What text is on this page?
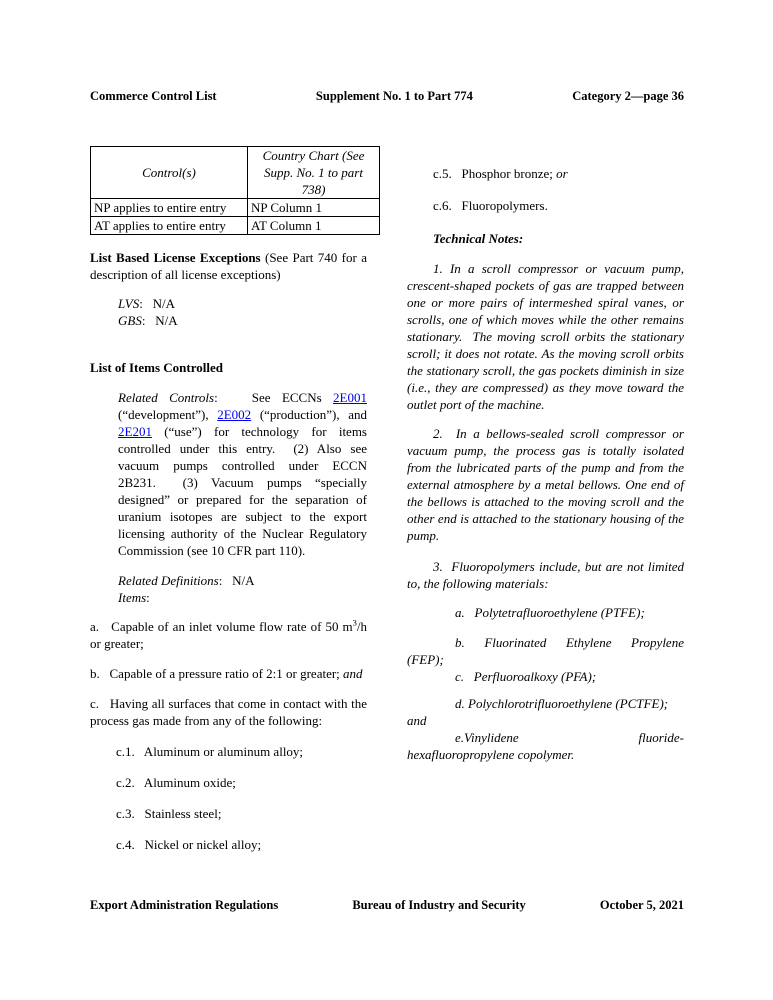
Commerce Control List	Supplement No. 1 to Part 774	Category 2—page 36
Control(s)	Country Chart (See Supp. No. 1 to part 738)
NP applies to entire entry	NP Column 1
AT applies to entire entry	AT Column 1

List Based License Exceptions (See Part 740 for a description of all license exceptions)

LVS:   N/A

GBS:   N/A

List of Items Controlled

Related Controls:   See ECCNs 2E001 (“development”), 2E002 (“production”), and 2E201 (“use”) for technology for items controlled under this entry.  (2) Also see vacuum pumps controlled under ECCN 2B231.  (3) Vacuum pumps “specially designed” or prepared for the separation of uranium isotopes are subject to the export licensing authority of the Nuclear Regulatory Commission (see 10 CFR part 110).

Related Definitions:   N/A

Items:

a.   Capable of an inlet volume flow rate of 50 $m^3/h$ or greater;

b.   Capable of a pressure ratio of 2:1 or greater; and

c.   Having all surfaces that come in contact with the process gas made from any of the following:

c.1.   Aluminum or aluminum alloy;

c.2.   Aluminum oxide;

c.3.   Stainless steel;

c.4.   Nickel or nickel alloy;

c.5.   Phosphor bronze; or

c.6.   Fluoropolymers.

Technical Notes:

1. In a scroll compressor or vacuum pump, crescent-shaped pockets of gas are trapped between one or more pairs of intermeshed spiral vanes, or scrolls, one of which moves while the other remains stationary.  The moving scroll orbits the stationary scroll; it does not rotate. As the moving scroll orbits the stationary scroll, the gas pockets diminish in size (i.e., they are compressed) as they move toward the outlet port of the machine.

2.  In a bellows-sealed scroll compressor or vacuum pump, the process gas is totally isolated from the lubricated parts of the pump and from the external atmosphere by a metal bellows. One end of the bellows is attached to the moving scroll and the other end is attached to the stationary housing of the pump.

3.  Fluoropolymers include, but are not limited to, the following materials:

a.   Polytetrafluoroethylene (PTFE);

b. Fluorinated Ethylene Propylene
(FEP);

c.   Perfluoroalkoxy (PFA);

d. Polychlorotrifluoroethylene (PCTFE);
and
e.Vinylidene	fluoride-
hexafluoropropylene copolymer.
Export Administration Regulations	Bureau of Industry and Security	October 5, 2021
